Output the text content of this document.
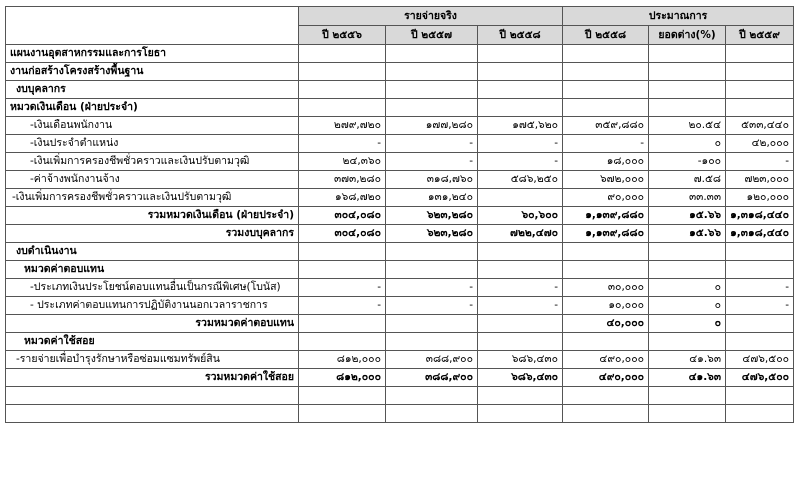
	รายจ่ายจริง			ประมาณการ		
	ปี ๒๕๕๖	ปี ๒๕๕๗	ปี ๒๕๕๘	ปี ๒๕๕๘	ยอดต่าง(%)	ปี ๒๕๕๙
แผนงานอุตสาหกรรมและการโยธา						
งานก่อสร้างโครงสร้างพื้นฐาน						
งบบุคลากร						
หมวดเงินเดือน (ฝ่ายประจำ)						
-เงินเดือนพนักงาน	๒๗๙,๗๒๐	๑๗๗,๒๘๐	๑๗๕,๖๒๐	๓๕๙,๘๘๐	๒๐.๕๔	๕๓๓,๔๔๐
-เงินประจำตำแหน่ง	-	-	-	-	๐	๔๒,๐๐๐
-เงินเพิ่มการครองชีพชั่วคราวและเงินปรับตามวุฒิ	๒๔,๓๖๐	-	-	๑๘,๐๐๐	-๑๐๐	-
-ค่าจ้างพนักงานจ้าง	๓๗๓,๒๘๐	๓๑๘,๗๖๐	๕๘๖,๒๕๐	๖๗๒,๐๐๐	๗.๕๘	๗๒๓,๐๐๐
-เงินเพิ่มการครองชีพชั่วคราวและเงินปรับตามวุฒิ	๑๖๘,๗๒๐	๑๓๑,๒๔๐		๙๐,๐๐๐	๓๓.๓๓	๑๒๐,๐๐๐
รวมหมวดเงินเดือน (ฝ่ายประจำ)	๓๐๔,๐๘๐	๖๒๓,๒๘๐	๖๐,๖๐๐	๑,๑๓๙,๘๘๐	๑๕.๖๖	๑,๓๑๘,๔๔๐
รวมงบบุคลากร	๓๐๔,๐๘๐	๖๒๓,๒๘๐	๗๒๒,๔๗๐	๑,๑๓๙,๘๘๐	๑๕.๖๖	๑,๓๑๘,๔๔๐
งบดำเนินงาน						
หมวดค่าตอบแทน						
-ประเภทเงินประโยชน์ตอบแทนอื่นเป็นกรณีพิเศษ(โบนัส)	-	-	-	๓๐,๐๐๐	๐	-
- ประเภทค่าตอบแทนการปฏิบัติงานนอกเวลาราชการ	-	-	-	๑๐,๐๐๐	๐	-
รวมหมวดค่าตอบแทน				๔๐,๐๐๐	๐	
หมวดค่าใช้สอย						
-รายจ่ายเพื่อบำรุงรักษาหรือซ่อมแซมทรัพย์สิน	๘๑๒,๐๐๐	๓๘๘,๙๐๐	๖๘๖,๔๓๐	๔๙๐,๐๐๐	๔๑.๖๓	๔๗๖,๕๐๐
รวมหมวดค่าใช้สอย	๘๑๒,๐๐๐	๓๘๘,๙๐๐	๖๘๖,๔๓๐	๔๙๐,๐๐๐	๔๑.๖๓	๔๗๖,๕๐๐
